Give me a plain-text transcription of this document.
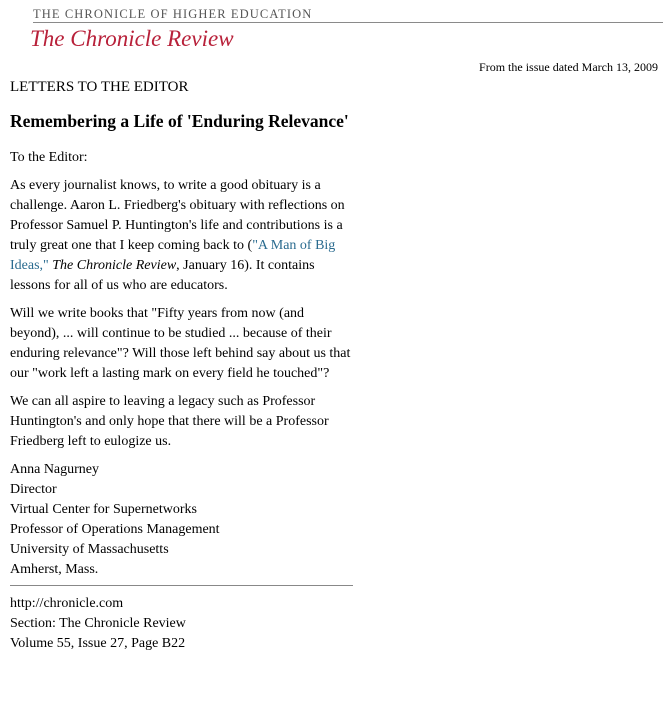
THE CHRONICLE OF HIGHER EDUCATION
The Chronicle Review
From the issue dated March 13, 2009
LETTERS TO THE EDITOR
Remembering a Life of 'Enduring Relevance'

To the Editor:

As every journalist knows, to write a good obituary is a challenge. Aaron L. Friedberg's obituary with reflections on Professor Samuel P. Huntington's life and contributions is a truly great one that I keep coming back to ("A Man of Big Ideas," The Chronicle Review, January 16). It contains lessons for all of us who are educators.

Will we write books that "Fifty years from now (and beyond), ... will continue to be studied ... because of their enduring relevance"? Will those left behind say about us that our "work left a lasting mark on every field he touched"?

We can all aspire to leaving a legacy such as Professor Huntington's and only hope that there will be a Professor Friedberg left to eulogize us.

Anna Nagurney
Director
Virtual Center for Supernetworks
Professor of Operations Management
University of Massachusetts
Amherst, Mass.
http://chronicle.com
Section: The Chronicle Review
Volume 55, Issue 27, Page B22
